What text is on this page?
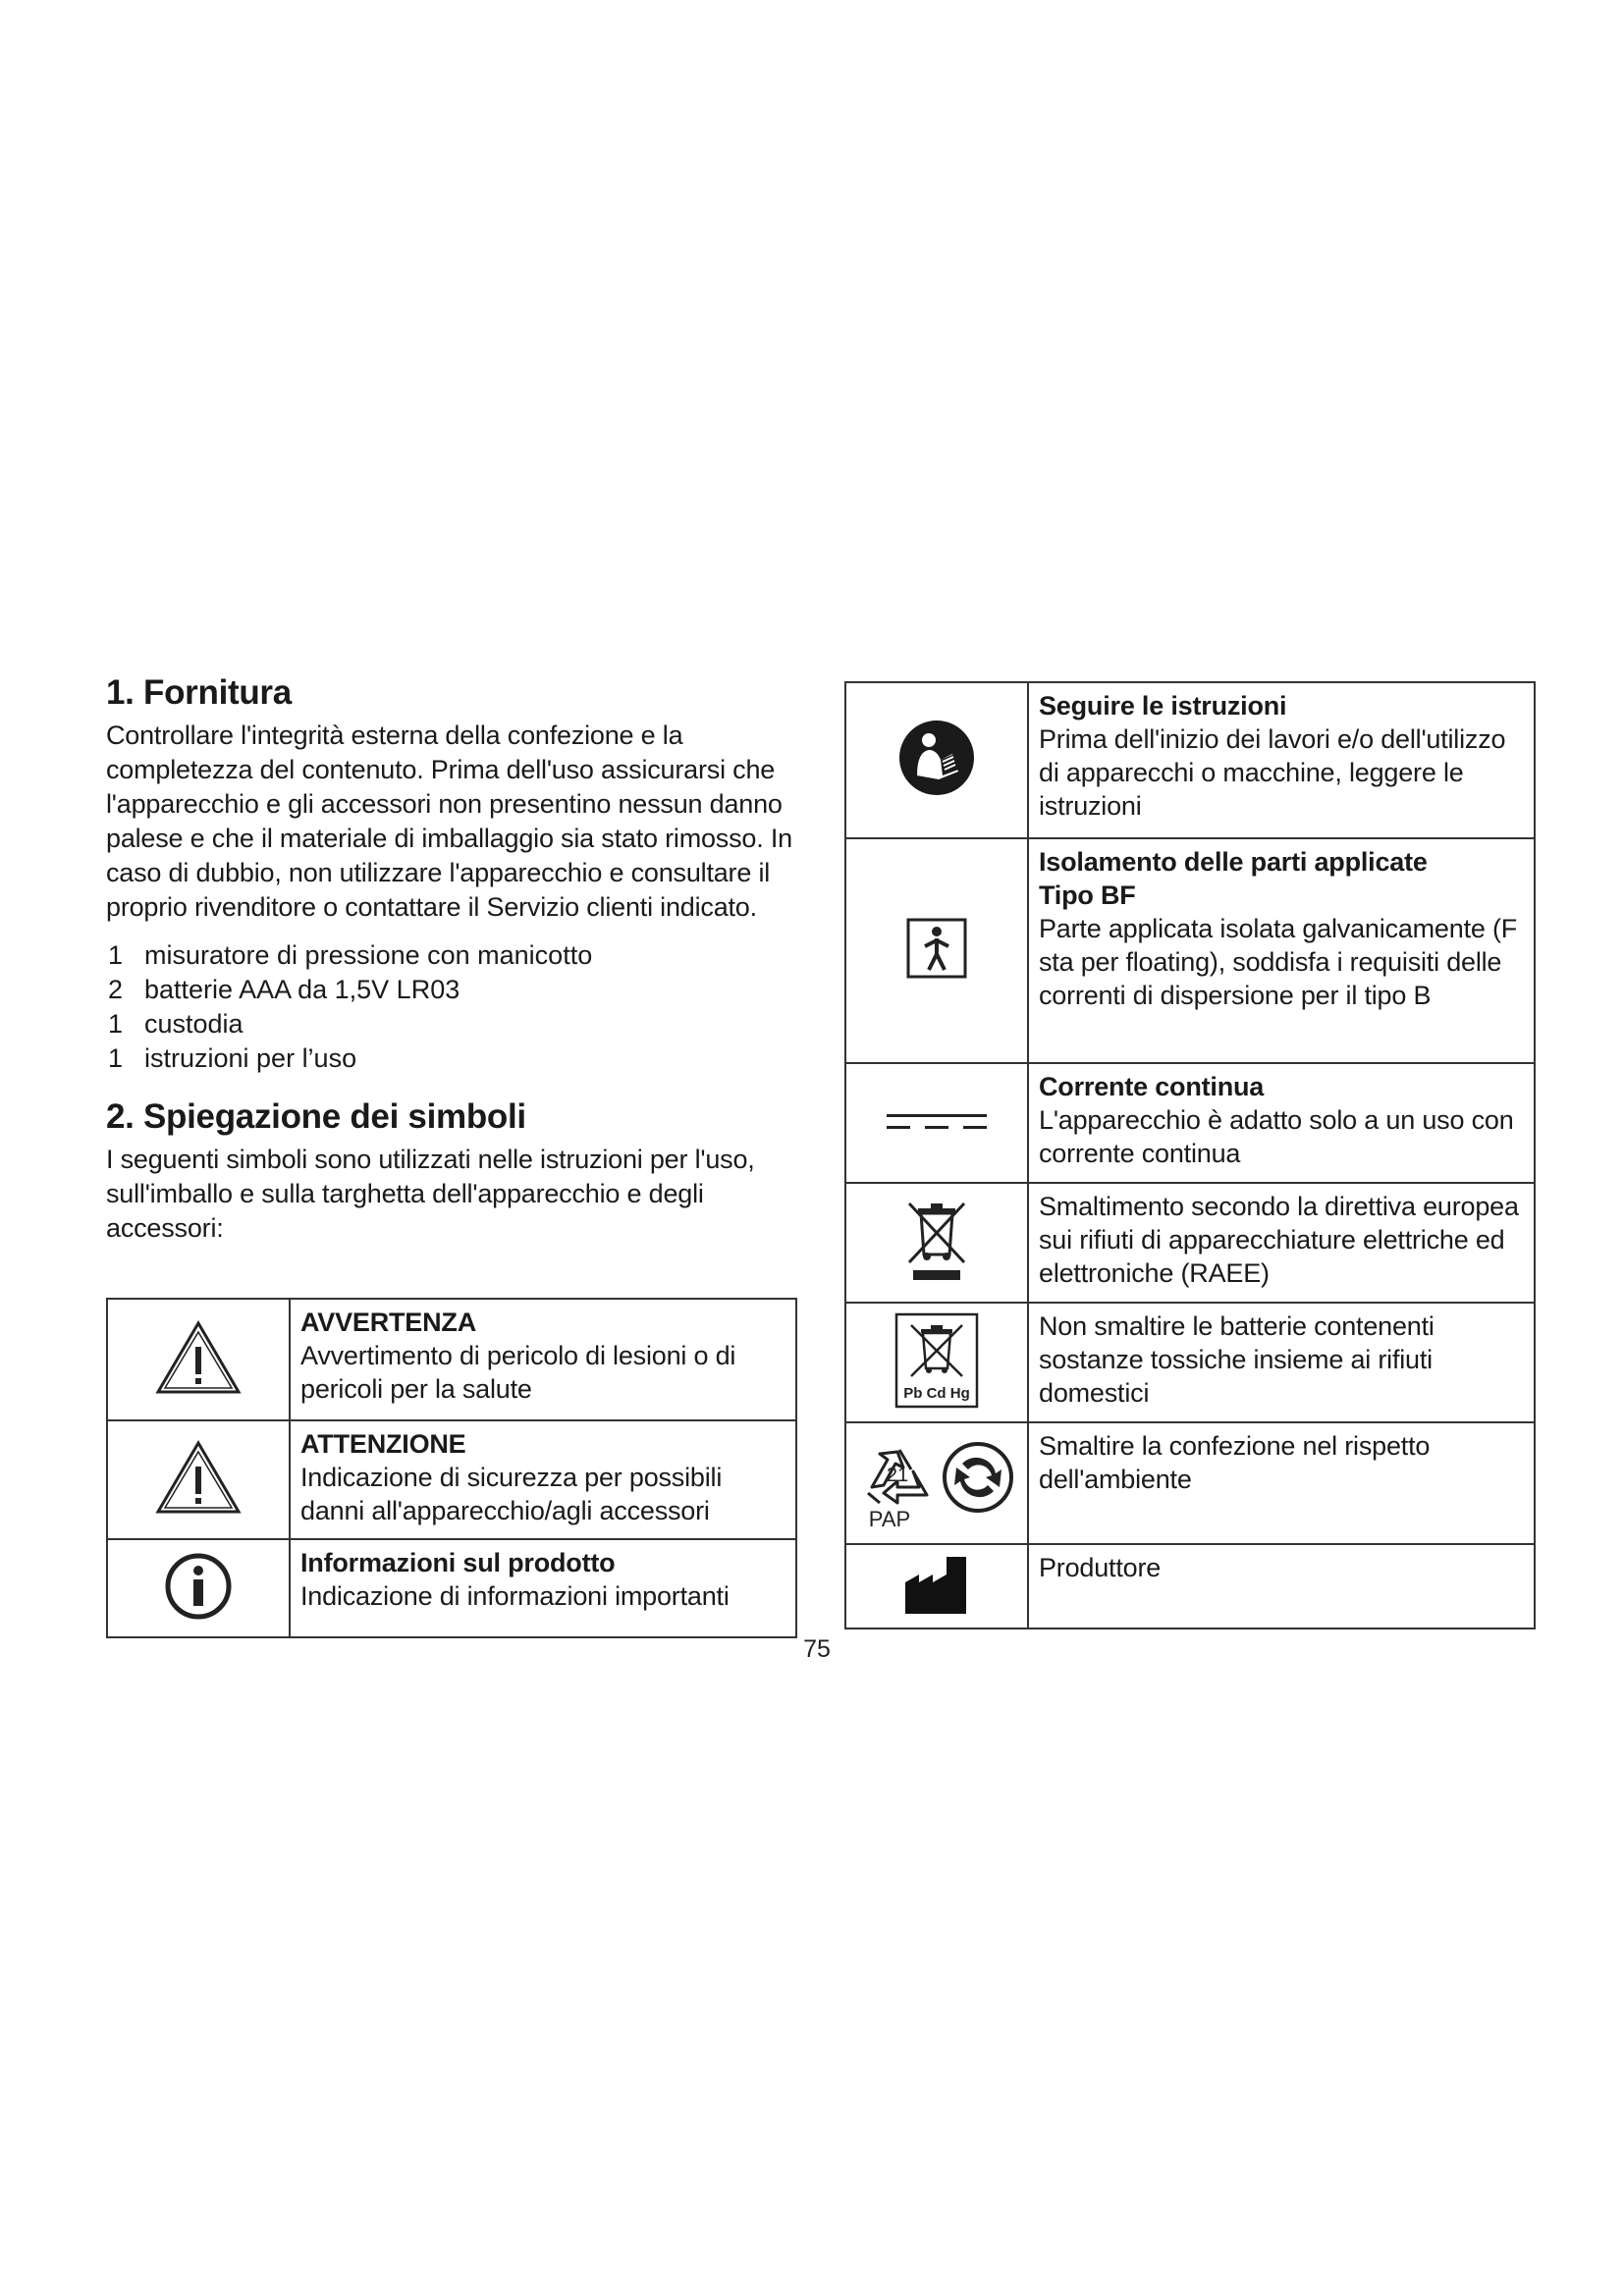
1. Fornitura

Controllare l'integrità esterna della confezione e la completezza del contenuto. Prima dell'uso assicurarsi che l'apparecchio e gli accessori non presentino nessun danno palese e che il materiale di imballaggio sia stato rimosso. In caso di dubbio, non utilizzare l'apparecchio e consultare il proprio rivenditore o contattare il Servizio clienti indicato.

1 misuratore di pressione con manicotto
2 batterie AAA da 1,5V LR03
1 custodia
1 istruzioni per l’uso
2. Spiegazione dei simboli

I seguenti simboli sono utilizzati nelle istruzioni per l'uso, sull'imballo e sulla targhetta dell'apparecchio e degli accessori:

AVVERTENZA
Avvertimento di pericolo di lesioni o di pericoli per la salute

ATTENZIONE
Indicazione di sicurezza per possibili danni all'apparecchio/agli accessori

Informazioni sul prodotto
Indicazione di informazioni importanti

Seguire le istruzioni
Prima dell'inizio dei lavori e/o dell'utilizzo di apparecchi o macchine, leggere le istruzioni

Isolamento delle parti applicate
Tipo BF
Parte applicata isolata galvanicamente (F sta per floating), soddisfa i requisiti delle correnti di dispersione per il tipo B

Corrente continua
L'apparecchio è adatto solo a un uso con corrente continua

Smaltimento secondo la direttiva europea sui rifiuti di apparecchiature elettriche ed elettroniche (RAEE)

Pb Cd Hg	Non smaltire le batterie contenenti sostanze tossiche insieme ai rifiuti domestici

21
PAP	Smaltire la confezione nel rispetto dell'ambiente

Produttore
75
